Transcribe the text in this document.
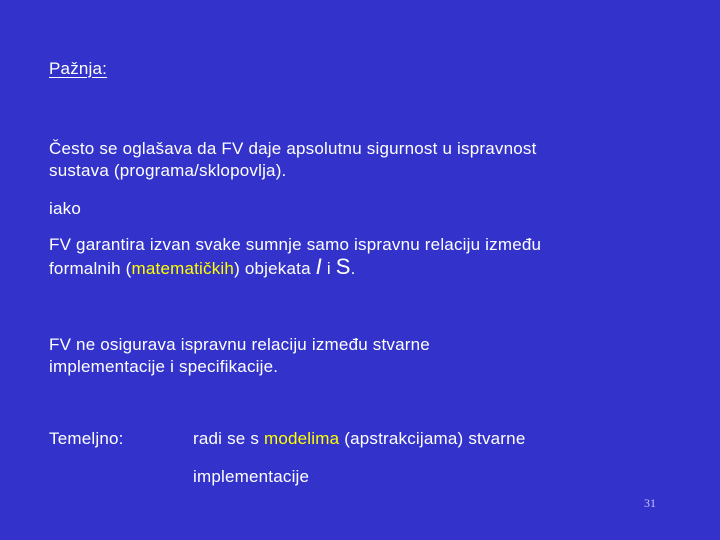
Pažnja:
Često se oglašava da FV daje apsolutnu sigurnost u ispravnost
sustava (programa/sklopovlja).
iako
FV garantira izvan svake sumnje samo ispravnu relaciju između
formalnih (matematičkih) objekata I i S.
FV ne osigurava ispravnu relaciju između stvarne
implementacije i specifikacije.
Temeljno:	radi se s modelima (apstrakcijama) stvarne
implementacije
31
